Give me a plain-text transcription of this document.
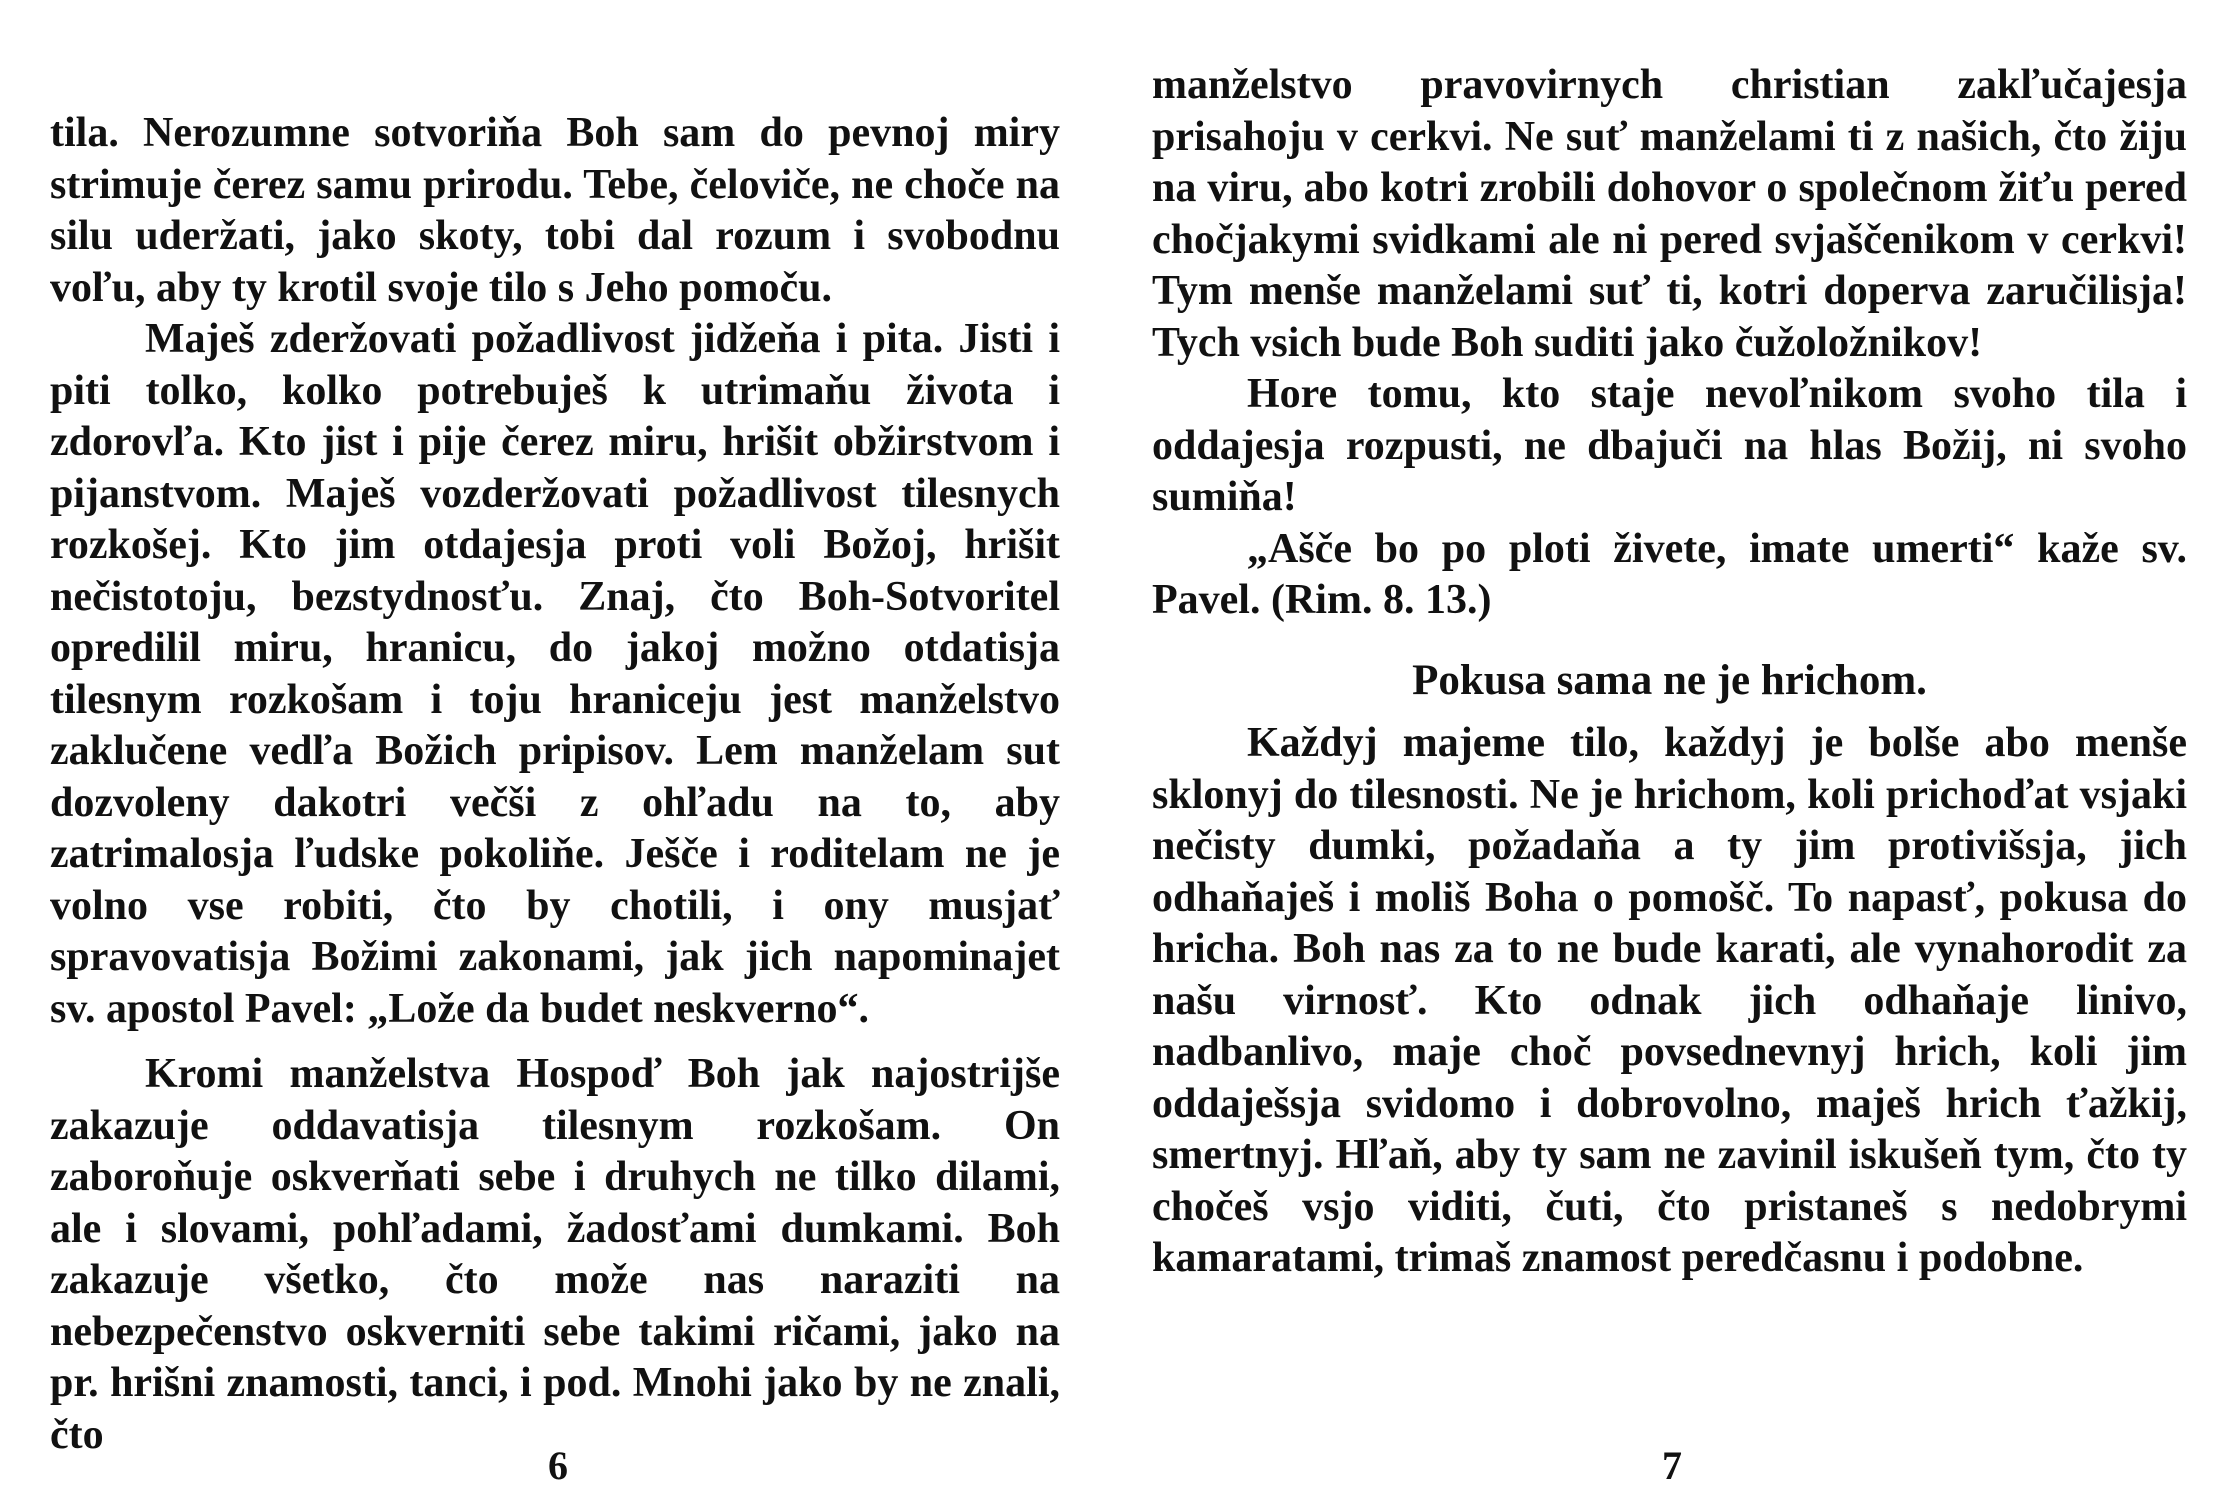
tila. Nerozumne sotvoriňa Boh sam do pevnoj miry strimuje čerez samu prirodu. Tebe, čeloviče, ne choče na silu uderžati, jako skoty, tobi dal rozum i svobodnu voľu, aby ty krotil svoje tilo s Jeho pomoču.

Maješ zderžovati požadlivost jidžeňa i pita. Jisti i piti tolko, kolko potrebuješ k utrimaňu života i zdorovľa. Kto jist i pije čerez miru, hrišit obžirstvom i pijanstvom. Maješ vozderžovati požadlivost tilesnych rozkošej. Kto jim otdajesja proti voli Božoj, hrišit nečistotoju, bezstydnosťu. Znaj, čto Boh-Sotvoritel opredilil miru, hranicu, do jakoj možno otdatisja tilesnym rozkošam i toju hraniceju jest manželstvo zaklučene vedľa Božich pripisov. Lem manželam sut dozvoleny dakotri večši z ohľadu na to, aby zatrimalosja ľudske pokoliňe. Ješče i roditelam ne je volno vse robiti, čto by chotili, i ony musjať spravovatisja Božimi zakonami, jak jich napominajet sv. apostol Pavel: „Lože da budet neskverno“.

Kromi manželstva Hospoď Boh jak najostrijše zakazuje oddavatisja tilesnym rozkošam. On zaboroňuje oskverňati sebe i druhych ne tilko dilami, ale i slovami, pohľadami, žadosťami dumkami. Boh zakazuje všetko, čto može nas naraziti na nebezpečenstvo oskverniti sebe takimi ričami, jako na pr. hrišni znamosti, tanci, i pod. Mnohi jako by ne znali, čto

6

manželstvo pravovirnych christian zakľučajesja prisahoju v cerkvi. Ne suť manželami ti z našich, čto žiju na viru, abo kotri zrobili dohovor o společnom žiťu pered chočjakymi svidkami ale ni pered svjaščenikom v cerkvi! Tym menše manželami suť ti, kotri doperva zaručilisja! Tych vsich bude Boh suditi jako čužoložnikov!

Hore tomu, kto staje nevoľnikom svoho tila i oddajesja rozpusti, ne dbajuči na hlas Božij, ni svoho sumiňa!

„Ašče bo po ploti živete, imate umerti“ kaže sv. Pavel. (Rim. 8. 13.)

Pokusa sama ne je hrichom.

Každyj majeme tilo, každyj je bolše abo menše sklonyj do tilesnosti. Ne je hrichom, koli prichoďat vsjaki nečisty dumki, požadaňa a ty jim protivišsja, jich odhaňaješ i moliš Boha o pomošč. To napasť, pokusa do hricha. Boh nas za to ne bude karati, ale vynahorodit za našu virnosť. Kto odnak jich odhaňaje linivo, nadbanlivo, maje choč povsednevnyj hrich, koli jim oddaješsja svidomo i dobrovolno, maješ hrich ťažkij, smertnyj. Hľaň, aby ty sam ne zavinil iskušeň tym, čto ty chočeš vsjo viditi, čuti, čto pristaneš s nedobrymi kamaratami, trimaš znamost peredčasnu i podobne.

7
